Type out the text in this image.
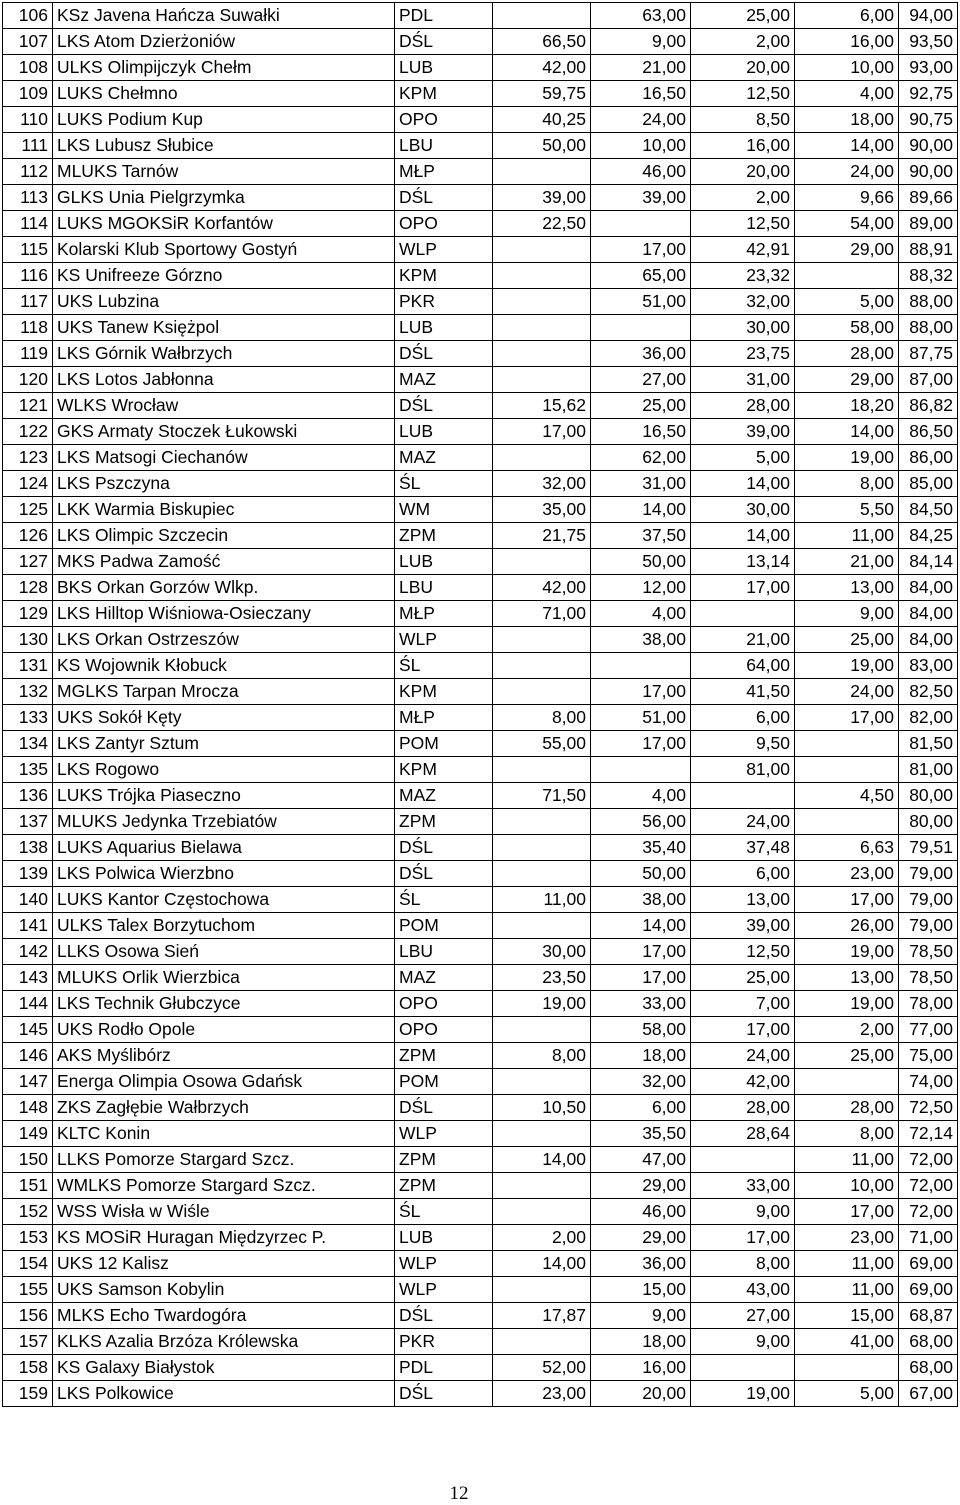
106	KSz Javena Hańcza Suwałki	PDL		63,00	25,00	6,00	94,00
107	LKS Atom Dzierżoniów	DŚL	66,50	9,00	2,00	16,00	93,50
108	ULKS Olimpijczyk Chełm	LUB	42,00	21,00	20,00	10,00	93,00
109	LUKS Chełmno	KPM	59,75	16,50	12,50	4,00	92,75
110	LUKS Podium Kup	OPO	40,25	24,00	8,50	18,00	90,75
111	LKS Lubusz Słubice	LBU	50,00	10,00	16,00	14,00	90,00
112	MLUKS Tarnów	MŁP		46,00	20,00	24,00	90,00
113	GLKS Unia Pielgrzymka	DŚL	39,00	39,00	2,00	9,66	89,66
114	LUKS MGOKSiR Korfantów	OPO	22,50		12,50	54,00	89,00
115	Kolarski Klub Sportowy Gostyń	WLP		17,00	42,91	29,00	88,91
116	KS Unifreeze Górzno	KPM		65,00	23,32		88,32
117	UKS Lubzina	PKR		51,00	32,00	5,00	88,00
118	UKS Tanew Księżpol	LUB			30,00	58,00	88,00
119	LKS Górnik Wałbrzych	DŚL		36,00	23,75	28,00	87,75
120	LKS Lotos Jabłonna	MAZ		27,00	31,00	29,00	87,00
121	WLKS Wrocław	DŚL	15,62	25,00	28,00	18,20	86,82
122	GKS Armaty Stoczek Łukowski	LUB	17,00	16,50	39,00	14,00	86,50
123	LKS Matsogi Ciechanów	MAZ		62,00	5,00	19,00	86,00
124	LKS Pszczyna	ŚL	32,00	31,00	14,00	8,00	85,00
125	LKK Warmia Biskupiec	WM	35,00	14,00	30,00	5,50	84,50
126	LKS Olimpic Szczecin	ZPM	21,75	37,50	14,00	11,00	84,25
127	MKS Padwa Zamość	LUB		50,00	13,14	21,00	84,14
128	BKS Orkan Gorzów Wlkp.	LBU	42,00	12,00	17,00	13,00	84,00
129	LKS Hilltop Wiśniowa-Osieczany	MŁP	71,00	4,00		9,00	84,00
130	LKS Orkan Ostrzeszów	WLP		38,00	21,00	25,00	84,00
131	KS Wojownik Kłobuck	ŚL			64,00	19,00	83,00
132	MGLKS Tarpan Mrocza	KPM		17,00	41,50	24,00	82,50
133	UKS Sokół Kęty	MŁP	8,00	51,00	6,00	17,00	82,00
134	LKS Zantyr Sztum	POM	55,00	17,00	9,50		81,50
135	LKS Rogowo	KPM			81,00		81,00
136	LUKS Trójka Piaseczno	MAZ	71,50	4,00		4,50	80,00
137	MLUKS Jedynka Trzebiatów	ZPM		56,00	24,00		80,00
138	LUKS Aquarius Bielawa	DŚL		35,40	37,48	6,63	79,51
139	LKS Polwica Wierzbno	DŚL		50,00	6,00	23,00	79,00
140	LUKS Kantor Częstochowa	ŚL	11,00	38,00	13,00	17,00	79,00
141	ULKS Talex Borzytuchom	POM		14,00	39,00	26,00	79,00
142	LLKS Osowa Sień	LBU	30,00	17,00	12,50	19,00	78,50
143	MLUKS Orlik Wierzbica	MAZ	23,50	17,00	25,00	13,00	78,50
144	LKS Technik Głubczyce	OPO	19,00	33,00	7,00	19,00	78,00
145	UKS Rodło Opole	OPO		58,00	17,00	2,00	77,00
146	AKS Myślibórz	ZPM	8,00	18,00	24,00	25,00	75,00
147	Energa Olimpia Osowa Gdańsk	POM		32,00	42,00		74,00
148	ZKS Zagłębie Wałbrzych	DŚL	10,50	6,00	28,00	28,00	72,50
149	KLTC Konin	WLP		35,50	28,64	8,00	72,14
150	LLKS Pomorze Stargard Szcz.	ZPM	14,00	47,00		11,00	72,00
151	WMLKS Pomorze Stargard Szcz.	ZPM		29,00	33,00	10,00	72,00
152	WSS Wisła w Wiśle	ŚL		46,00	9,00	17,00	72,00
153	KS MOSiR Huragan Międzyrzec P.	LUB	2,00	29,00	17,00	23,00	71,00
154	UKS 12 Kalisz	WLP	14,00	36,00	8,00	11,00	69,00
155	UKS Samson Kobylin	WLP		15,00	43,00	11,00	69,00
156	MLKS Echo Twardogóra	DŚL	17,87	9,00	27,00	15,00	68,87
157	KLKS Azalia Brzóza Królewska	PKR		18,00	9,00	41,00	68,00
158	KS Galaxy Białystok	PDL	52,00	16,00			68,00
159	LKS Polkowice	DŚL	23,00	20,00	19,00	5,00	67,00
12
